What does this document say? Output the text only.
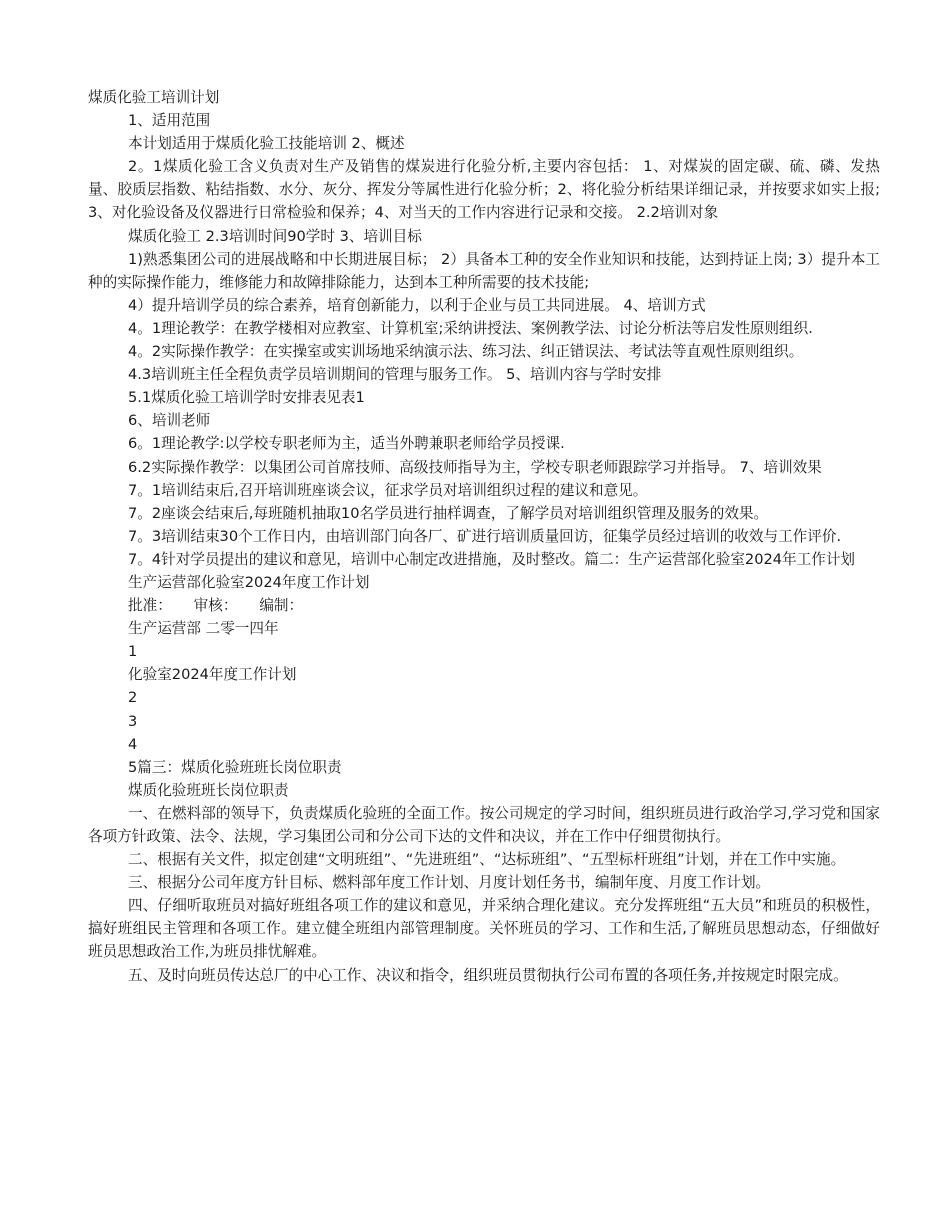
煤质化验工培训计划

1、适用范围

本计划适用于煤质化验工技能培训 2、概述

2。1煤质化验工含义负责对生产及销售的煤炭进行化验分析,主要内容包括： 1、对煤炭的固定碳、硫、磷、发热量、胶质层指数、粘结指数、水分、灰分、挥发分等属性进行化验分析；2、将化验分析结果详细记录，并按要求如实上报;3、对化验设备及仪器进行日常检验和保养；4、对当天的工作内容进行记录和交接。 2.2培训对象

煤质化验工 2.3培训时间90学时 3、培训目标

1)熟悉集团公司的进展战略和中长期进展目标； 2）具备本工种的安全作业知识和技能，达到持证上岗; 3）提升本工种的实际操作能力，维修能力和故障排除能力，达到本工种所需要的技术技能;

4）提升培训学员的综合素养，培育创新能力，以利于企业与员工共同进展。 4、培训方式

4。1理论教学：在教学楼相对应教室、计算机室;采纳讲授法、案例教学法、讨论分析法等启发性原则组织.

4。2实际操作教学：在实操室或实训场地采纳演示法、练习法、纠正错误法、考试法等直观性原则组织。

4.3培训班主任全程负责学员培训期间的管理与服务工作。 5、培训内容与学时安排

5.1煤质化验工培训学时安排表见表1

6、培训老师

6。1理论教学:以学校专职老师为主，适当外聘兼职老师给学员授课.

6.2实际操作教学：以集团公司首席技师、高级技师指导为主，学校专职老师跟踪学习并指导。 7、培训效果

7。1培训结束后,召开培训班座谈会议，征求学员对培训组织过程的建议和意见。

7。2座谈会结束后,每班随机抽取10名学员进行抽样调查，了解学员对培训组织管理及服务的效果。

7。3培训结束30个工作日内，由培训部门向各厂、矿进行培训质量回访，征集学员经过培训的收效与工作评价.

7。4针对学员提出的建议和意见，培训中心制定改进措施，及时整改。篇二：生产运营部化验室2024年工作计划

生产运营部化验室2024年度工作计划

批准：　　审核：　　编制：

生产运营部 二零一四年

1

化验室2024年度工作计划

2

3

4

5篇三：煤质化验班班长岗位职责

煤质化验班班长岗位职责

一、在燃料部的领导下，负责煤质化验班的全面工作。按公司规定的学习时间，组织班员进行政治学习,学习党和国家各项方针政策、法令、法规，学习集团公司和分公司下达的文件和决议，并在工作中仔细贯彻执行。

二、根据有关文件，拟定创建“文明班组”、“先进班组”、“达标班组”、“五型标杆班组”计划，并在工作中实施。

三、根据分公司年度方针目标、燃料部年度工作计划、月度计划任务书，编制年度、月度工作计划。

四、仔细听取班员对搞好班组各项工作的建议和意见，并采纳合理化建议。充分发挥班组“五大员”和班员的积极性，搞好班组民主管理和各项工作。建立健全班组内部管理制度。关怀班员的学习、工作和生活,了解班员思想动态，仔细做好班员思想政治工作,为班员排忧解难。

五、及时向班员传达总厂的中心工作、决议和指令，组织班员贯彻执行公司布置的各项任务,并按规定时限完成。
